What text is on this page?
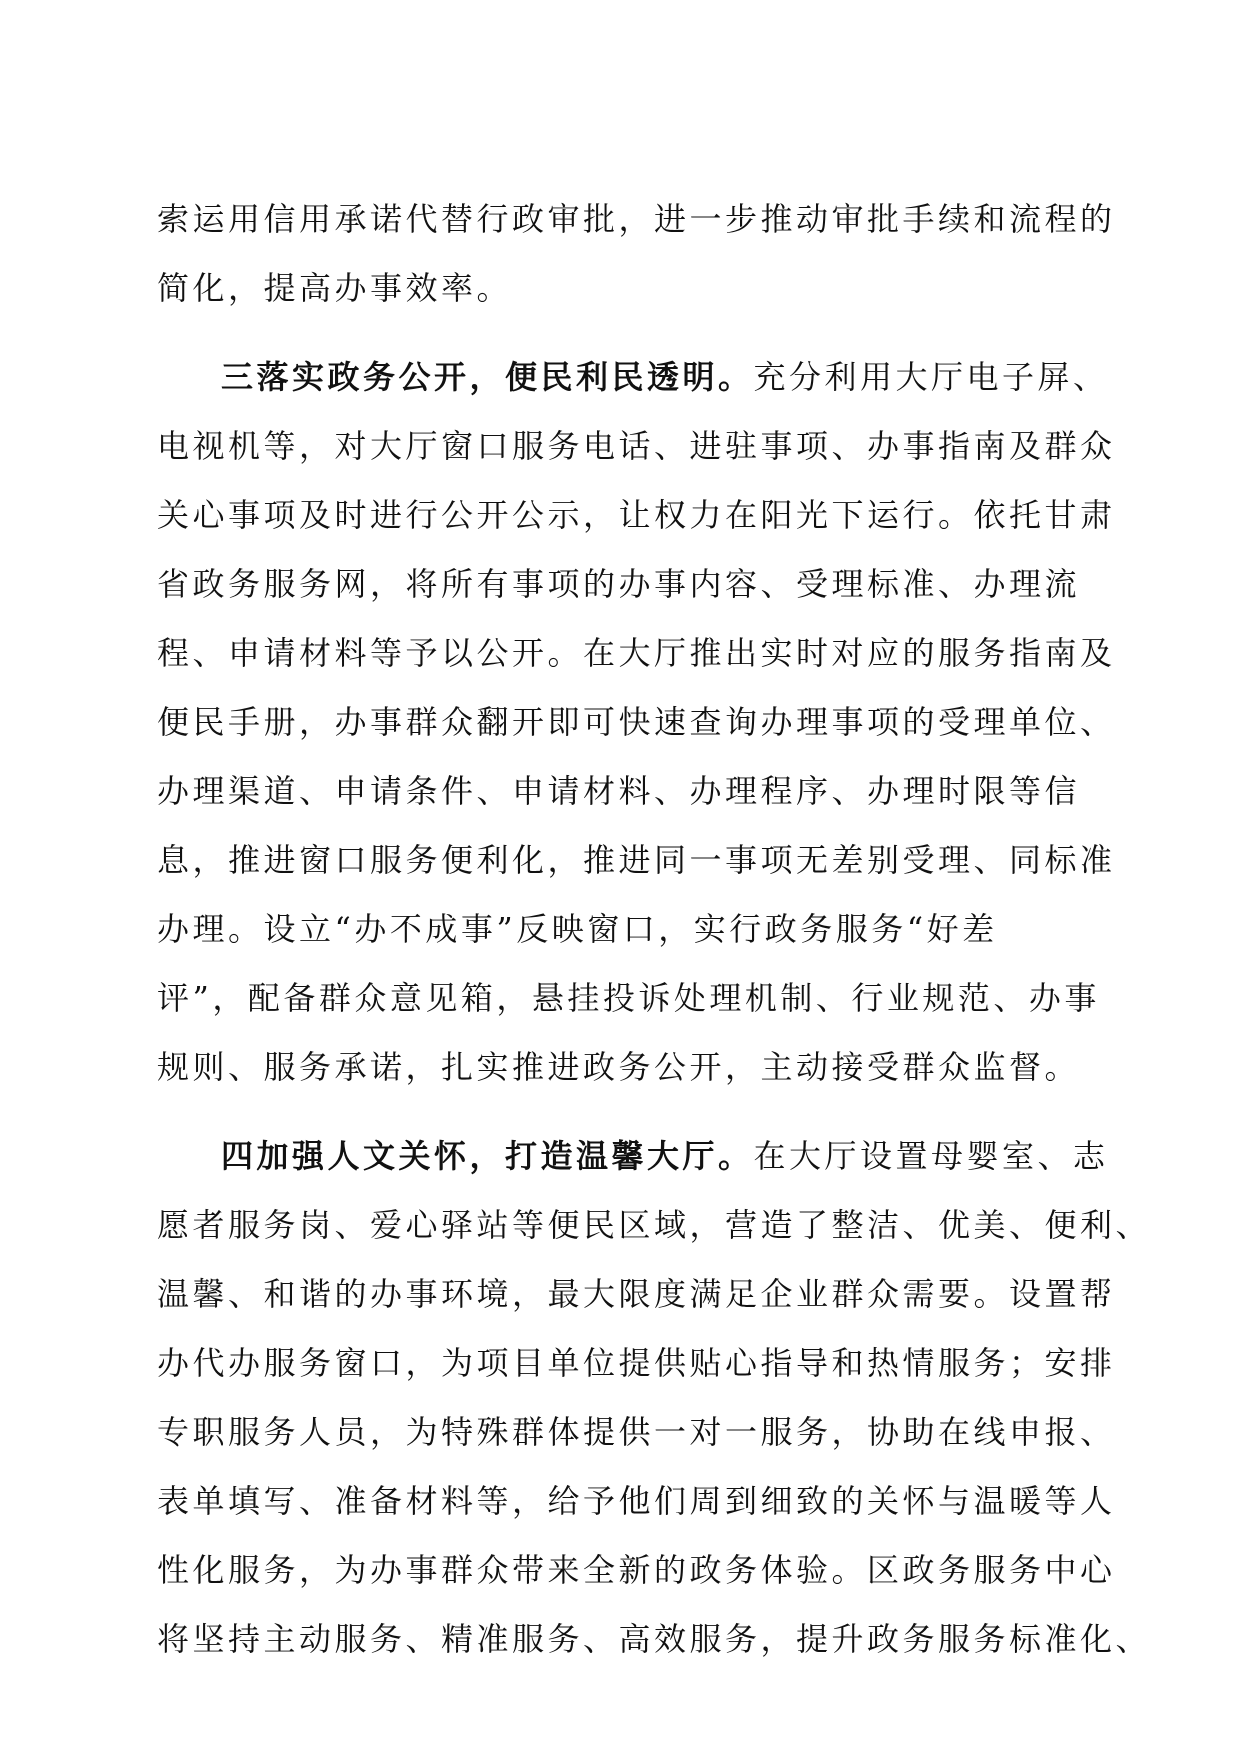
索运用信用承诺代替行政审批，进一步推动审批手续和流程的
简化，提高办事效率。
三落实政务公开，便民利民透明。充分利用大厅电子屏、
电视机等，对大厅窗口服务电话、进驻事项、办事指南及群众
关心事项及时进行公开公示，让权力在阳光下运行。依托甘肃
省政务服务网，将所有事项的办事内容、受理标准、办理流
程、申请材料等予以公开。在大厅推出实时对应的服务指南及
便民手册，办事群众翻开即可快速查询办理事项的受理单位、
办理渠道、申请条件、申请材料、办理程序、办理时限等信
息，推进窗口服务便利化，推进同一事项无差别受理、同标准
办理。设立“办不成事”反映窗口，实行政务服务“好差
评”，配备群众意见箱，悬挂投诉处理机制、行业规范、办事
规则、服务承诺，扎实推进政务公开，主动接受群众监督。
四加强人文关怀，打造温馨大厅。在大厅设置母婴室、志
愿者服务岗、爱心驿站等便民区域，营造了整洁、优美、便利、
温馨、和谐的办事环境，最大限度满足企业群众需要。设置帮
办代办服务窗口，为项目单位提供贴心指导和热情服务；安排
专职服务人员，为特殊群体提供一对一服务，协助在线申报、
表单填写、准备材料等，给予他们周到细致的关怀与温暖等人
性化服务，为办事群众带来全新的政务体验。区政务服务中心
将坚持主动服务、精准服务、高效服务，提升政务服务标准化、
